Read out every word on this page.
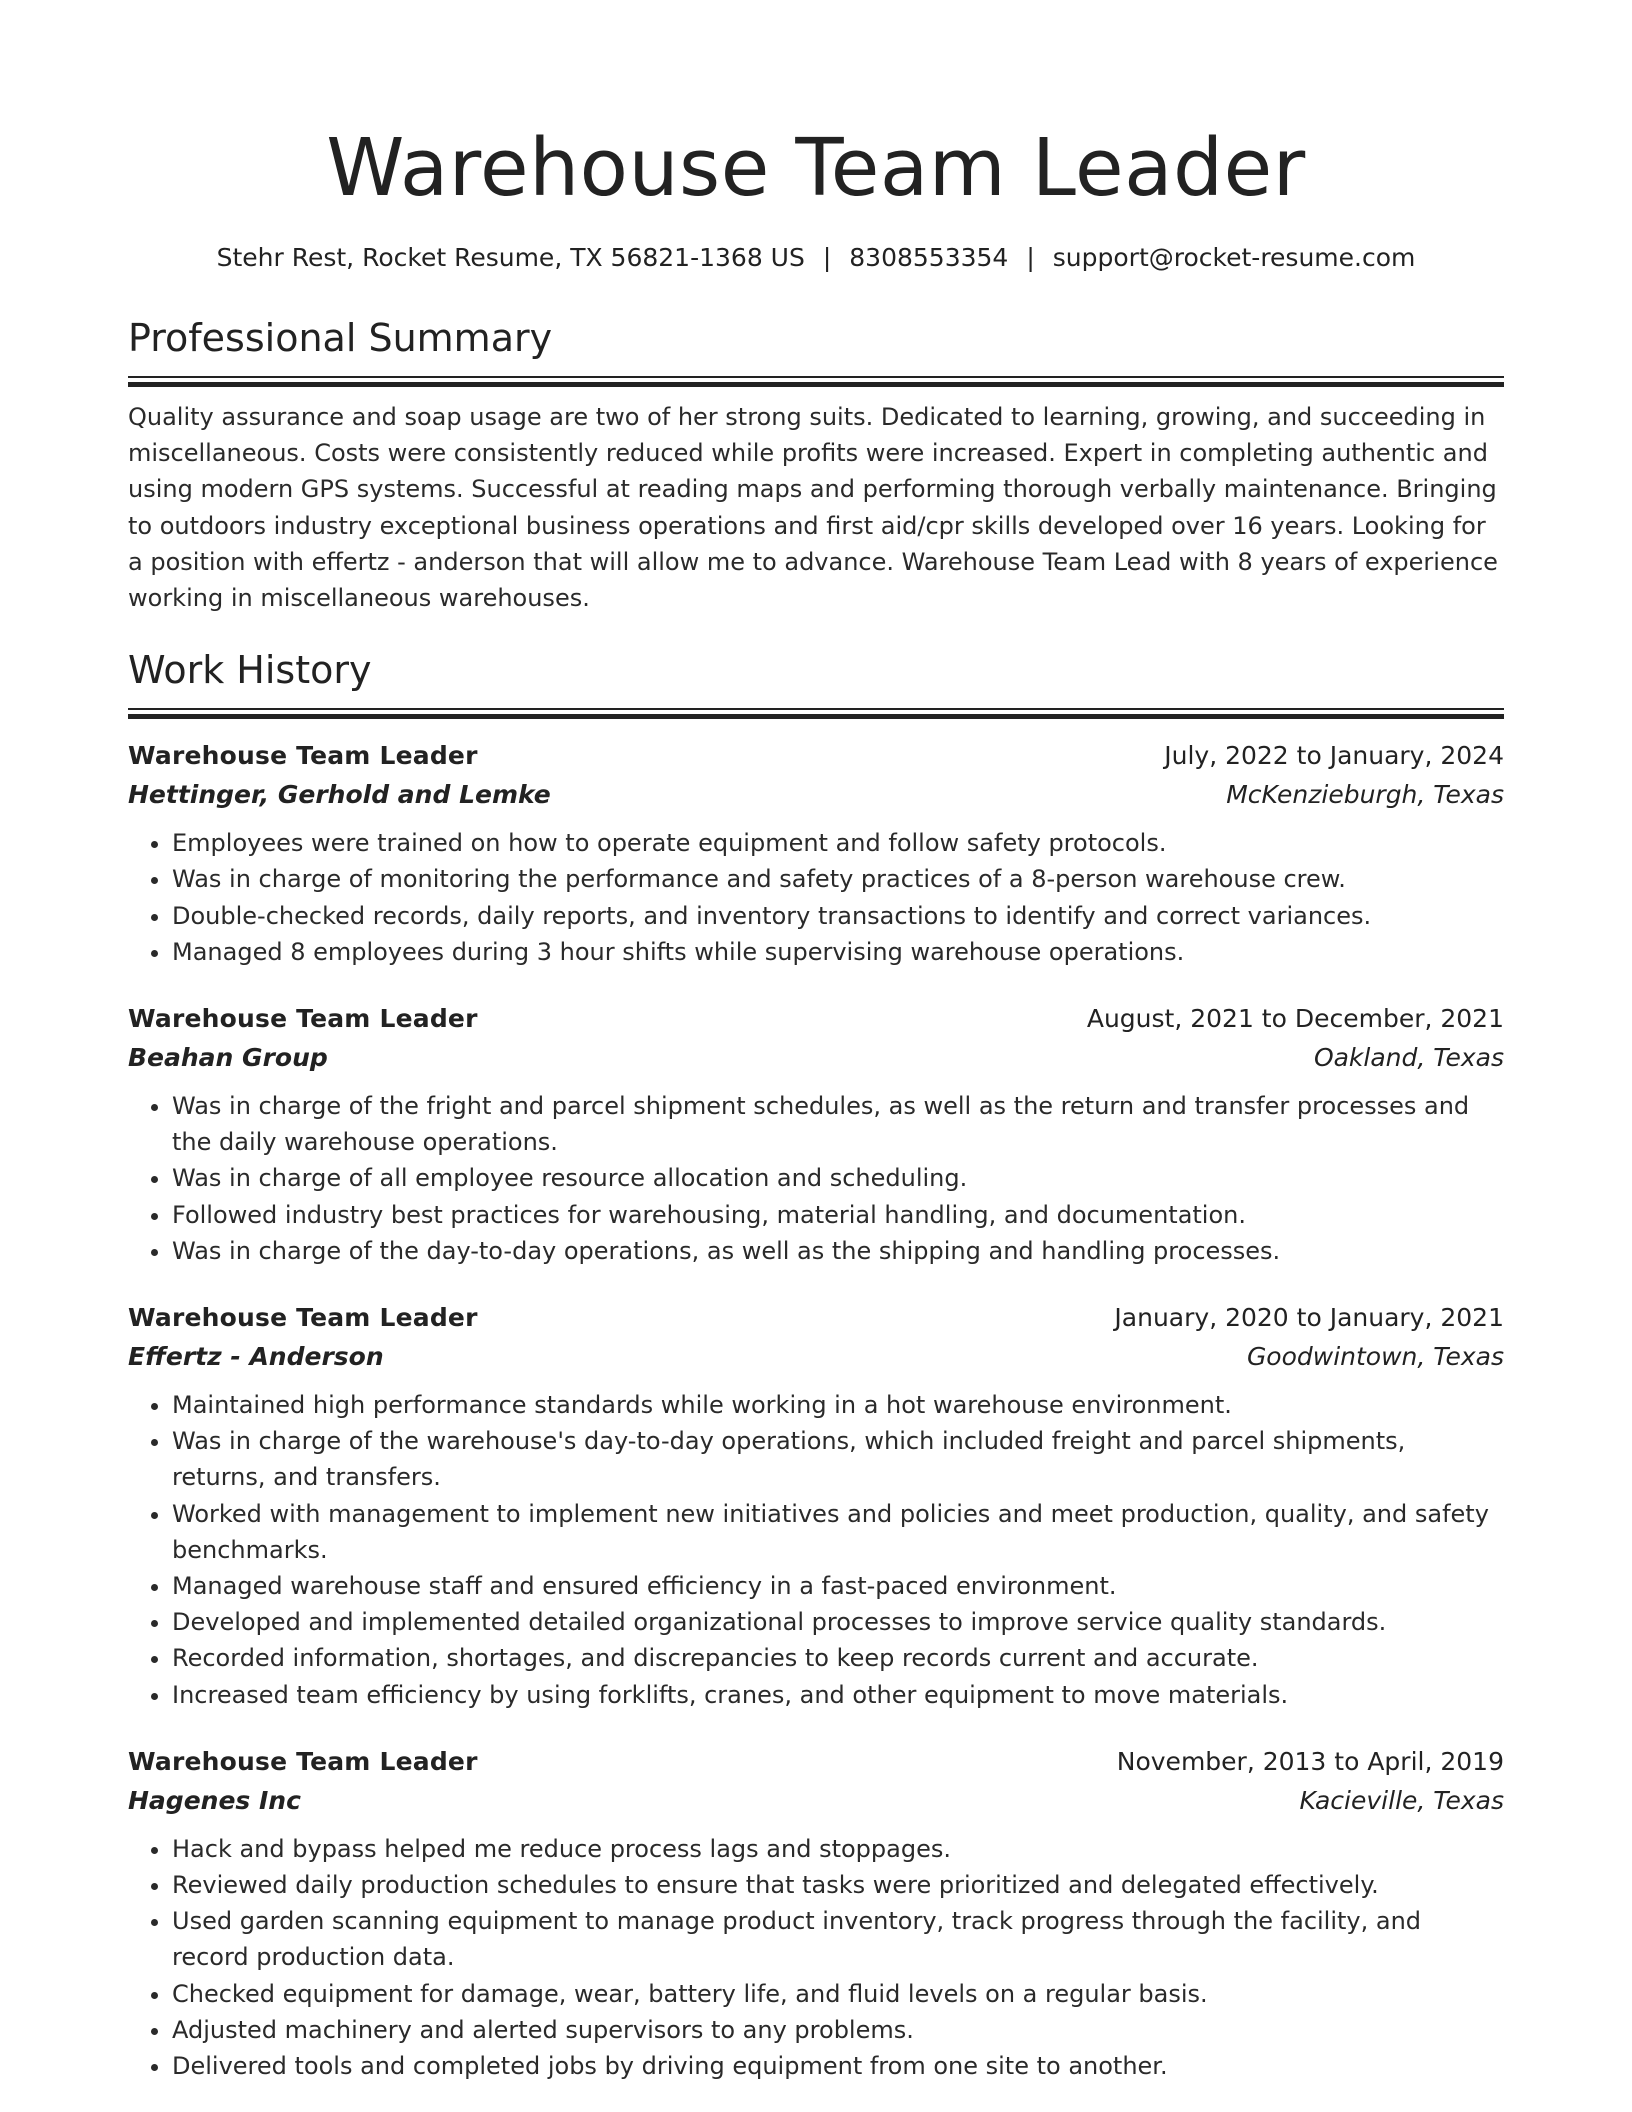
Warehouse Team Leader
Stehr Rest, Rocket Resume, TX 56821-1368 US | 8308553354 | support@rocket-resume.com
Professional Summary

Quality assurance and soap usage are two of her strong suits. Dedicated to learning, growing, and succeeding in miscellaneous. Costs were consistently reduced while profits were increased. Expert in completing authentic and using modern GPS systems. Successful at reading maps and performing thorough verbally maintenance. Bringing to outdoors industry exceptional business operations and first aid/cpr skills developed over 16 years. Looking for a position with effertz - anderson that will allow me to advance. Warehouse Team Lead with 8 years of experience working in miscellaneous warehouses.

Work History
Warehouse Team Leader	July, 2022 to January, 2024
Hettinger, Gerhold and Lemke	McKenzieburgh, Texas
• Employees were trained on how to operate equipment and follow safety protocols.
• Was in charge of monitoring the performance and safety practices of a 8-person warehouse crew.
• Double-checked records, daily reports, and inventory transactions to identify and correct variances.
• Managed 8 employees during 3 hour shifts while supervising warehouse operations.
Warehouse Team Leader	August, 2021 to December, 2021
Beahan Group	Oakland, Texas
• Was in charge of the fright and parcel shipment schedules, as well as the return and transfer processes and the daily warehouse operations.
• Was in charge of all employee resource allocation and scheduling.
• Followed industry best practices for warehousing, material handling, and documentation.
• Was in charge of the day-to-day operations, as well as the shipping and handling processes.
Warehouse Team Leader	January, 2020 to January, 2021
Effertz - Anderson	Goodwintown, Texas
• Maintained high performance standards while working in a hot warehouse environment.
• Was in charge of the warehouse's day-to-day operations, which included freight and parcel shipments, returns, and transfers.
• Worked with management to implement new initiatives and policies and meet production, quality, and safety benchmarks.
• Managed warehouse staff and ensured efficiency in a fast-paced environment.
• Developed and implemented detailed organizational processes to improve service quality standards.
• Recorded information, shortages, and discrepancies to keep records current and accurate.
• Increased team efficiency by using forklifts, cranes, and other equipment to move materials.
Warehouse Team Leader	November, 2013 to April, 2019
Hagenes Inc	Kacieville, Texas
• Hack and bypass helped me reduce process lags and stoppages.
• Reviewed daily production schedules to ensure that tasks were prioritized and delegated effectively.
• Used garden scanning equipment to manage product inventory, track progress through the facility, and record production data.
• Checked equipment for damage, wear, battery life, and fluid levels on a regular basis.
• Adjusted machinery and alerted supervisors to any problems.
• Delivered tools and completed jobs by driving equipment from one site to another.
